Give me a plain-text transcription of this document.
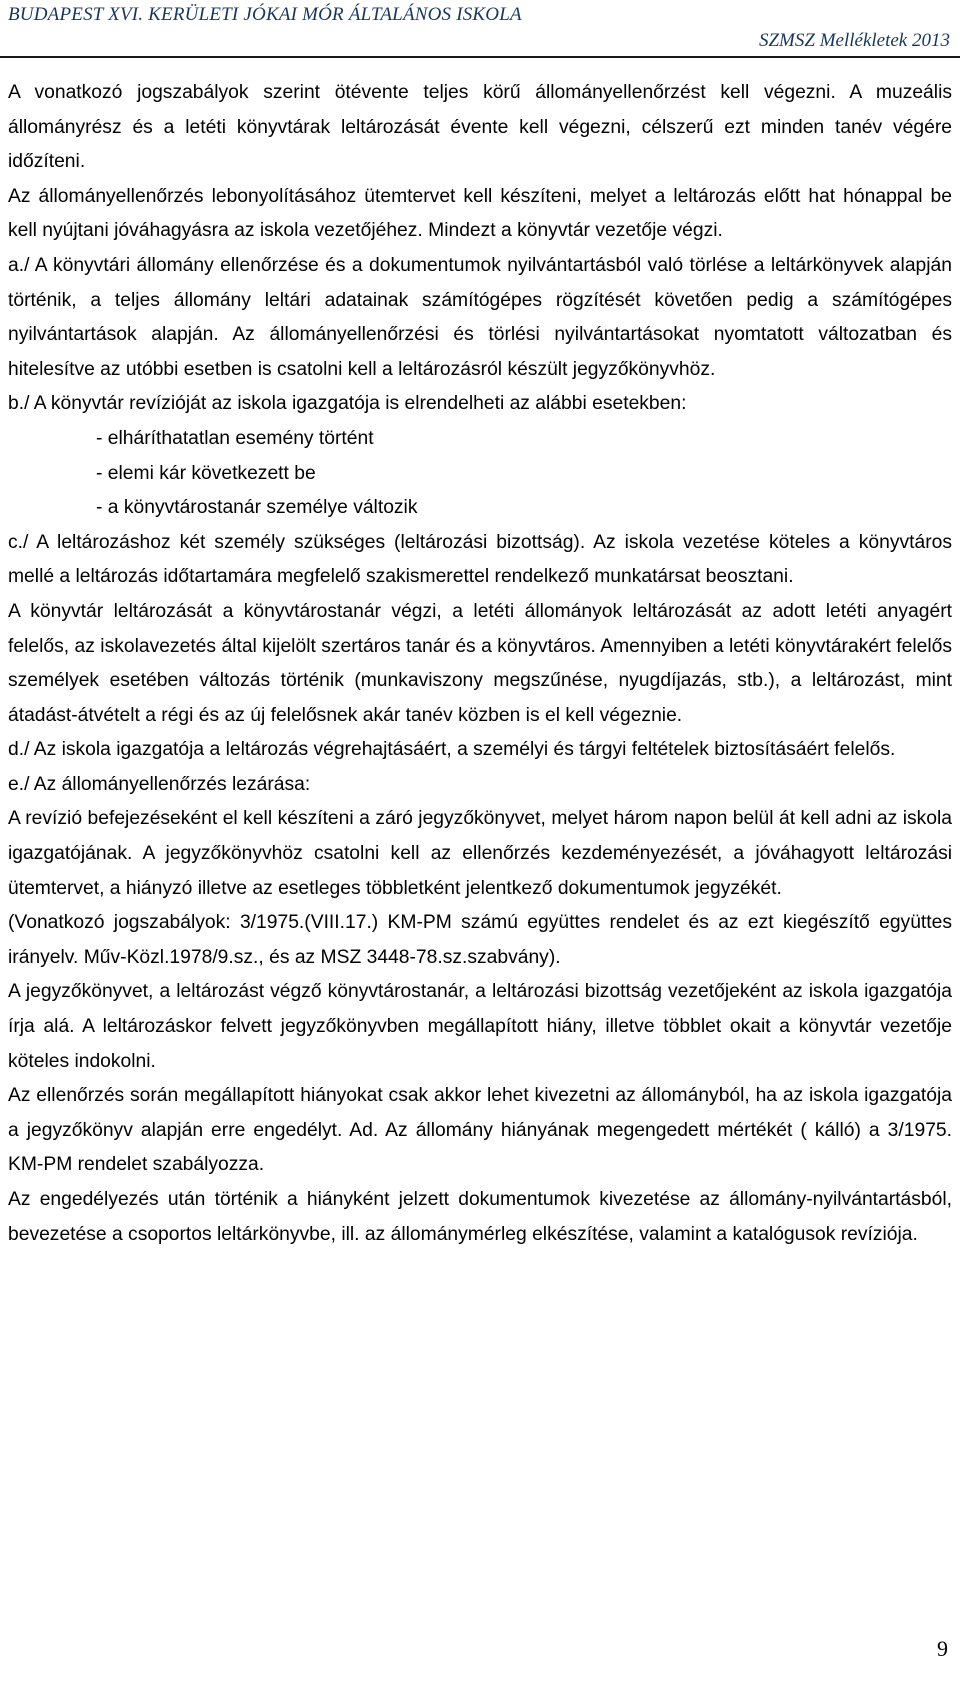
BUDAPEST XVI. KERÜLETI JÓKAI MÓR ÁLTALÁNOS ISKOLA
SZMSZ Mellékletek 2013

A vonatkozó jogszabályok szerint ötévente teljes körű állományellenőrzést kell végezni. A muzeális állományrész és a letéti könyvtárak leltározását évente kell végezni, célszerű ezt minden tanév végére időzíteni.

Az állományellenőrzés lebonyolításához ütemtervet kell készíteni, melyet a leltározás előtt hat hónappal be kell nyújtani jóváhagyásra az iskola vezetőjéhez. Mindezt a könyvtár vezetője végzi.

a./ A könyvtári állomány ellenőrzése és a dokumentumok nyilvántartásból való törlése a leltárkönyvek alapján történik, a teljes állomány leltári adatainak számítógépes rögzítését követően pedig a számítógépes nyilvántartások alapján. Az állományellenőrzési és törlési nyilvántartásokat nyomtatott változatban és hitelesítve az utóbbi esetben is csatolni kell a leltározásról készült jegyzőkönyvhöz.

b./ A könyvtár revízióját az iskola igazgatója is elrendelheti az alábbi esetekben:

- elháríthatatlan esemény történt
- elemi kár következett be
- a könyvtárostanár személye változik

c./ A leltározáshoz két személy szükséges (leltározási bizottság). Az iskola vezetése köteles a könyvtáros mellé a leltározás időtartamára megfelelő szakismerettel rendelkező munkatársat beosztani.

A könyvtár leltározását a könyvtárostanár végzi, a letéti állományok leltározását az adott letéti anyagért felelős, az iskolavezetés által kijelölt szertáros tanár és a könyvtáros. Amennyiben a letéti könyvtárakért felelős személyek esetében változás történik (munkaviszony megszűnése, nyugdíjazás, stb.), a leltározást, mint átadást-átvételt a régi és az új felelősnek akár tanév közben is el kell végeznie.

d./ Az iskola igazgatója a leltározás végrehajtásáért, a személyi és tárgyi feltételek biztosításáért felelős.

e./ Az állományellenőrzés lezárása:

A revízió befejezéseként el kell készíteni a záró jegyzőkönyvet, melyet három napon belül át kell adni az iskola igazgatójának. A jegyzőkönyvhöz csatolni kell az ellenőrzés kezdeményezését, a jóváhagyott leltározási ütemtervet, a hiányzó illetve az esetleges többletként jelentkező dokumentumok jegyzékét.

(Vonatkozó jogszabályok: 3/1975.(VIII.17.) KM-PM számú együttes rendelet és az ezt kiegészítő együttes irányelv. Műv-Közl.1978/9.sz., és az MSZ 3448-78.sz.szabvány).

A jegyzőkönyvet, a leltározást végző könyvtárostanár, a leltározási bizottság vezetőjeként az iskola igazgatója írja alá. A leltározáskor felvett jegyzőkönyvben megállapított hiány, illetve többlet okait a könyvtár vezetője köteles indokolni.

Az ellenőrzés során megállapított hiányokat csak akkor lehet kivezetni az állományból, ha az iskola igazgatója a jegyzőkönyv alapján erre engedélyt. Ad. Az állomány hiányának megengedett mértékét ( kálló) a 3/1975. KM-PM rendelet szabályozza.

Az engedélyezés után történik a hiányként jelzett dokumentumok kivezetése az állomány-nyilvántartásból, bevezetése a csoportos leltárkönyvbe, ill. az állománymérleg elkészítése, valamint a katalógusok revíziója.

9
